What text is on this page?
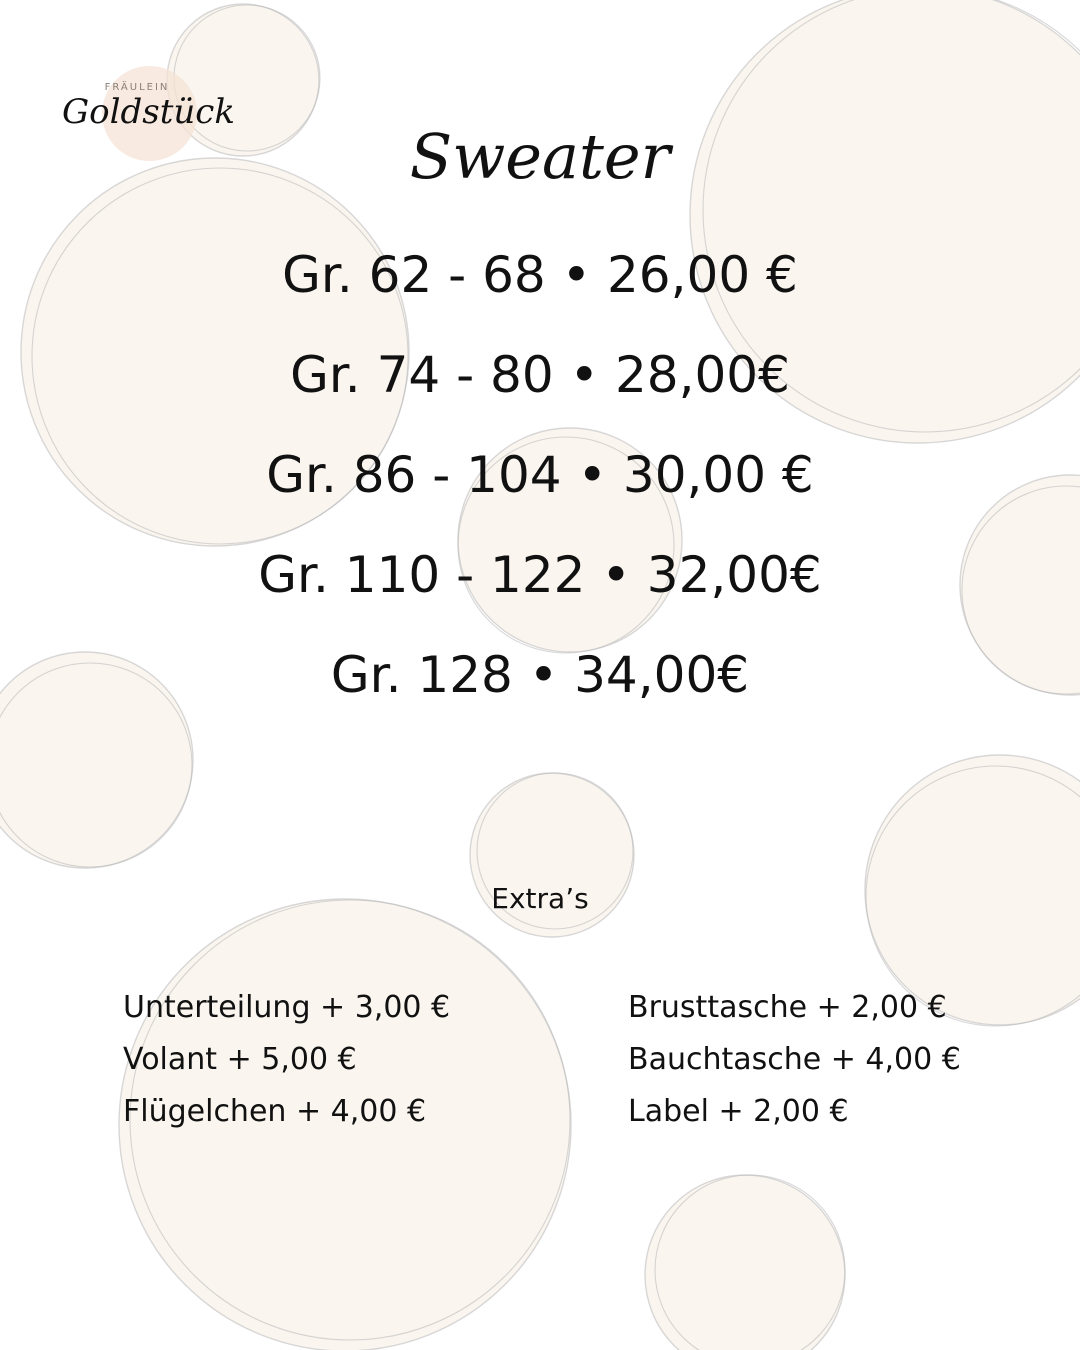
FRÄULEIN
Goldstück
Sweater
Gr. 62 - 68 • 26,00 €
Gr. 74 - 80 • 28,00€
Gr. 86 - 104 • 30,00 €
Gr. 110 - 122 • 32,00€
Gr. 128 • 34,00€
Extra’s
Unterteilung + 3,00 €
Volant + 5,00 €
Flügelchen + 4,00 €
Brusttasche + 2,00 €
Bauchtasche + 4,00 €
Label + 2,00 €
